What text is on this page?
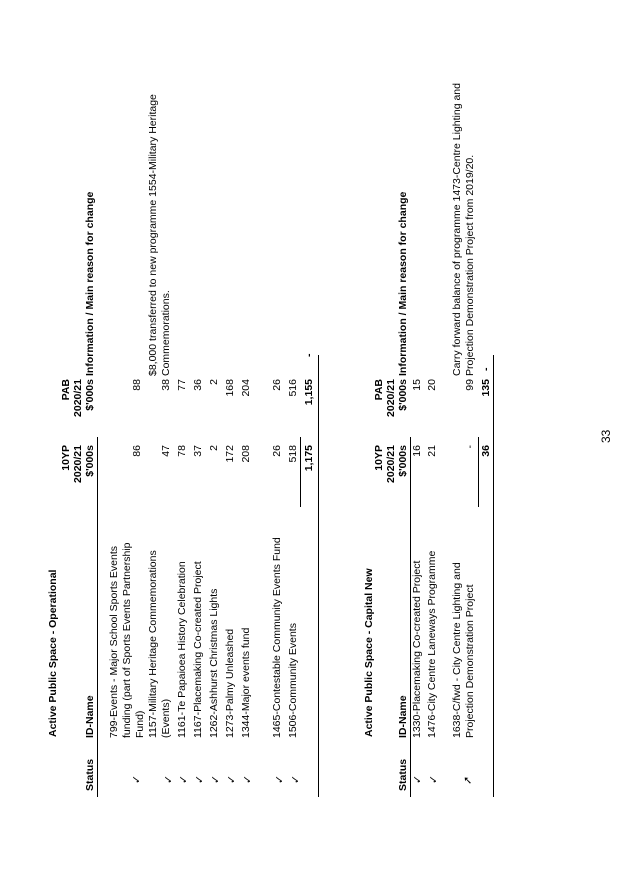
Active Public Space - Operational
Status
ID-Name
10YP 2020/21 $'000s
PAB 2020/21 $'000s
Information / Main reason for change
✓
799-Events - Major School Sports Events funding (part of Sports Events Partnership Fund)
86
88
✓
1157-Military Heritage Commemorations (Events)
47
38
$8,000 transferred to new programme 1554-Military Heritage Commemorations.
✓
1161-Te Papaioea History Celebration
78
77
✓
1167-Placemaking Co-created Project
37
36
✓
1262-Ashhurst Christmas Lights
2
2
✓
1273-Palmy Unleashed
172
168
✓
1344-Major events fund
208
204
✓
1465-Contestable Community Events Fund
26
26
✓
1506-Community Events
518
516
1,175
1,155
-
Active Public Space - Capital New
Status
ID-Name
10YP 2020/21 $'000s
PAB 2020/21 $'000s
Information / Main reason for change
✓
1330-Placemaking Co-created Project
16
15
✓
1476-City Centre Laneways Programme
21
20
➚
1638-C/fwd - City Centre Lighting and Projection Demonstration Project
-
99
Carry forward balance of programme 1473-Centre Lighting and Projection Demonstration Project from 2019/20.
36
135
-
33
